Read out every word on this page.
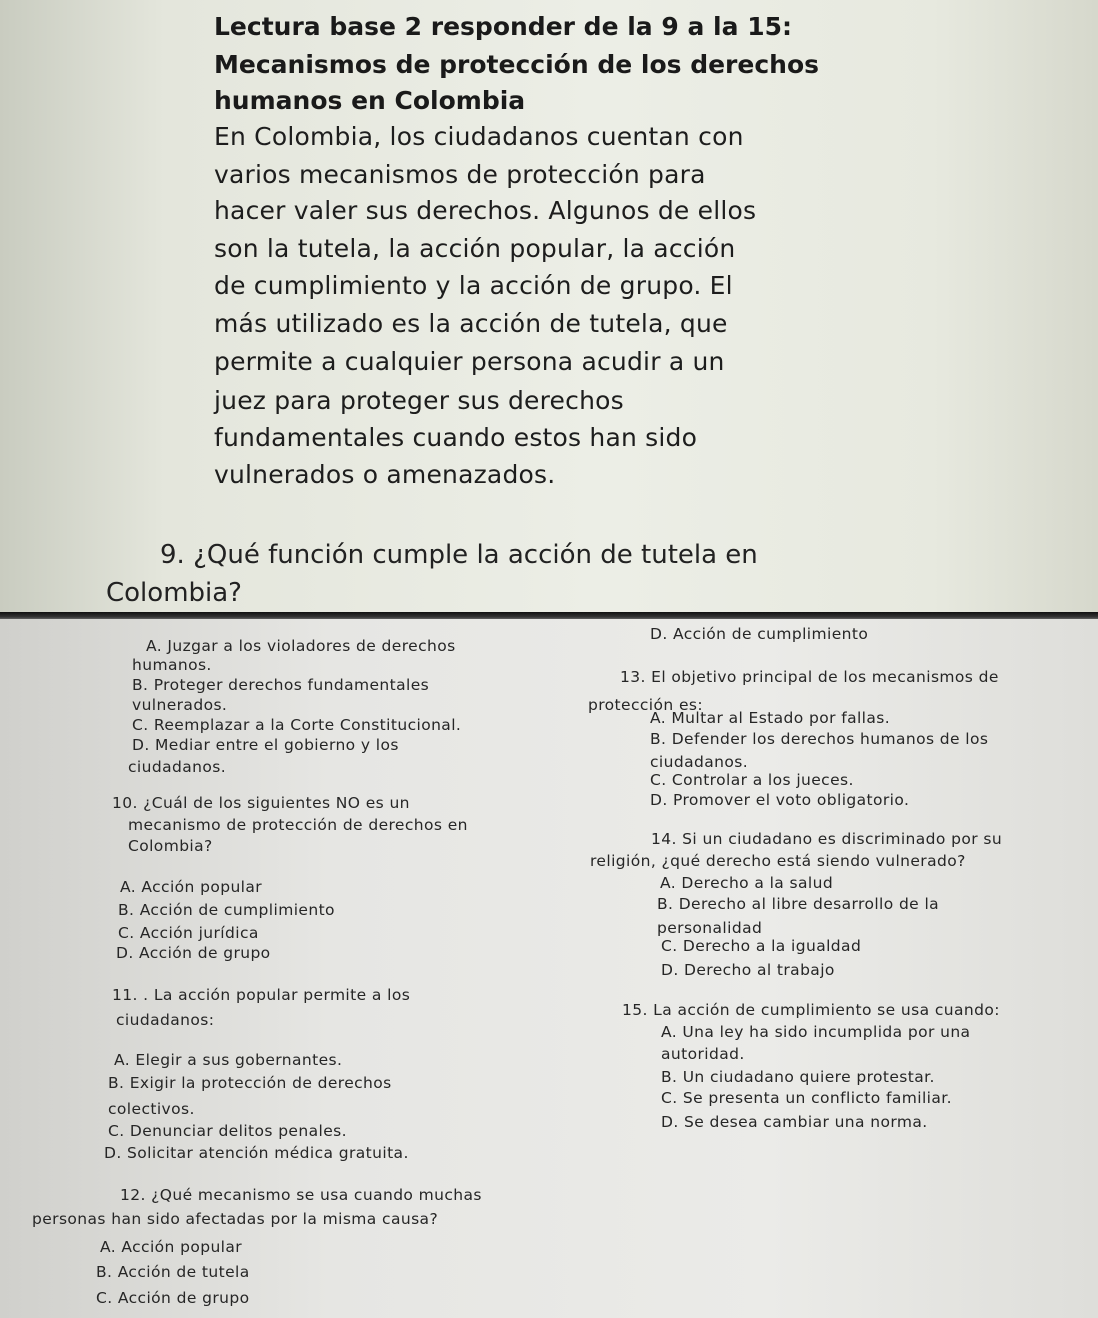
Lectura base 2 responder de la 9 a la 15:
Mecanismos de protección de los derechos
humanos en Colombia
En Colombia, los ciudadanos cuentan con
varios mecanismos de protección para
hacer valer sus derechos. Algunos de ellos
son la tutela, la acción popular, la acción
de cumplimiento y la acción de grupo. El
más utilizado es la acción de tutela, que
permite a cualquier persona acudir a un
juez para proteger sus derechos
fundamentales cuando estos han sido
vulnerados o amenazados.
9. ¿Qué función cumple la acción de tutela en
Colombia?
A. Juzgar a los violadores de derechos
humanos.
B. Proteger derechos fundamentales
vulnerados.
C. Reemplazar a la Corte Constitucional.
D. Mediar entre el gobierno y los
ciudadanos.
10. ¿Cuál de los siguientes NO es un
mecanismo de protección de derechos en
Colombia?
A. Acción popular
B. Acción de cumplimiento
C. Acción jurídica
D. Acción de grupo
11. . La acción popular permite a los
ciudadanos:
A. Elegir a sus gobernantes.
B. Exigir la protección de derechos
colectivos.
C. Denunciar delitos penales.
D. Solicitar atención médica gratuita.
12. ¿Qué mecanismo se usa cuando muchas
personas han sido afectadas por la misma causa?
A. Acción popular
B. Acción de tutela
C. Acción de grupo
D. Acción de cumplimiento
13. El objetivo principal de los mecanismos de
protección es:
A. Multar al Estado por fallas.
B. Defender los derechos humanos de los
ciudadanos.
C. Controlar a los jueces.
D. Promover el voto obligatorio.
14. Si un ciudadano es discriminado por su
religión, ¿qué derecho está siendo vulnerado?
A. Derecho a la salud
B. Derecho al libre desarrollo de la
personalidad
C. Derecho a la igualdad
D. Derecho al trabajo
15. La acción de cumplimiento se usa cuando:
A. Una ley ha sido incumplida por una
autoridad.
B. Un ciudadano quiere protestar.
C. Se presenta un conflicto familiar.
D. Se desea cambiar una norma.
